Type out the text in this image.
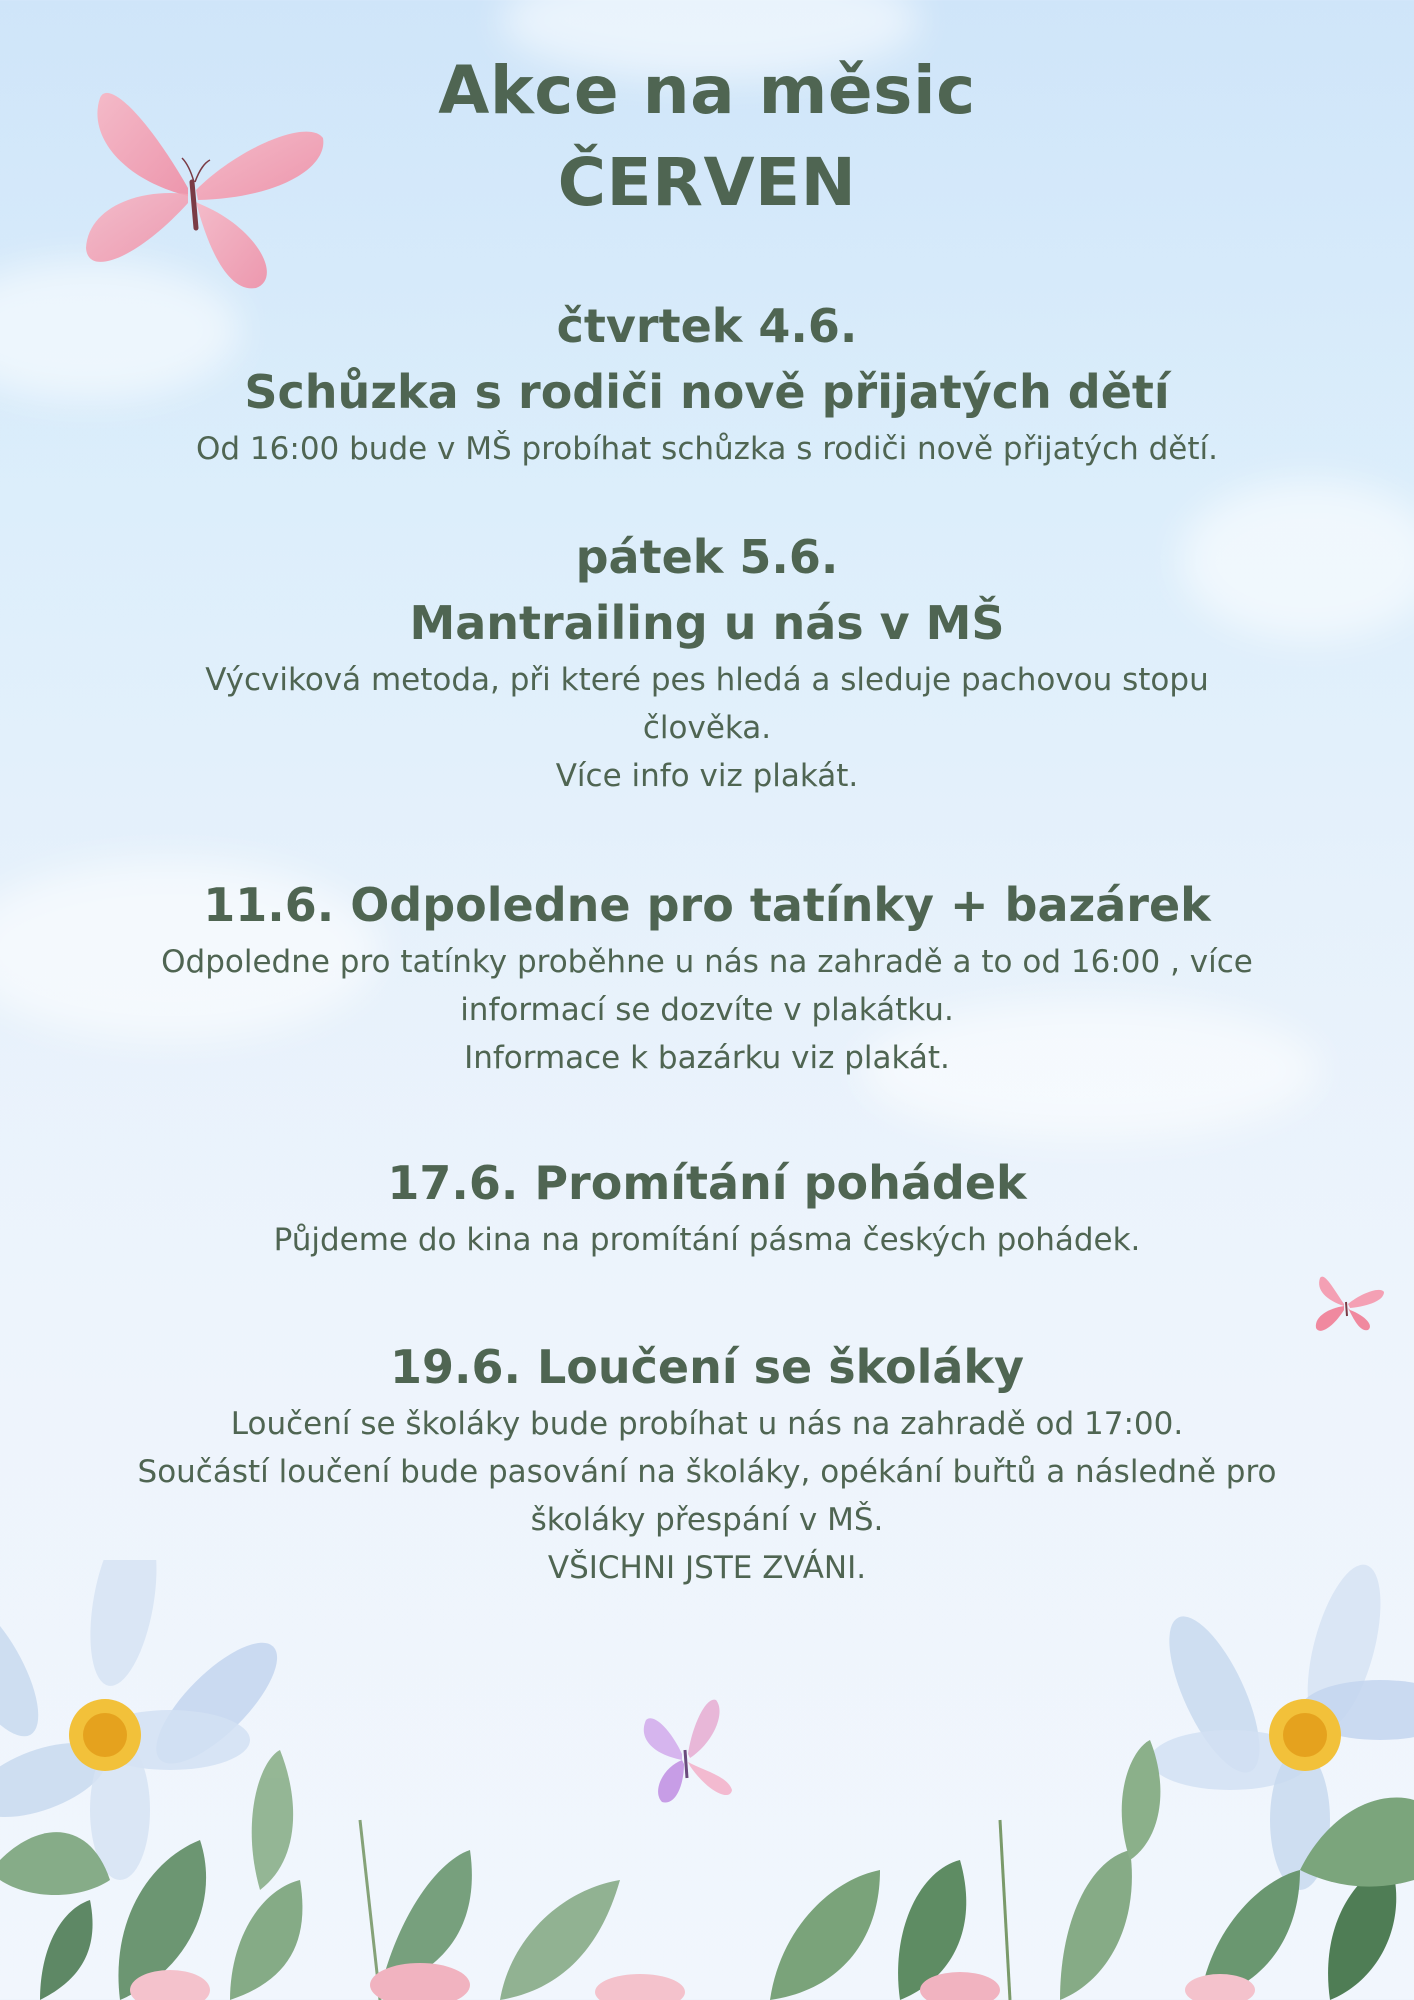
Akce na měsic
ČERVEN
čtvrtek 4.6.
Schůzka s rodiči nově přijatých dětí
Od 16:00 bude v MŠ probíhat schůzka s rodiči nově přijatých dětí.
pátek 5.6.
Mantrailing u nás v MŠ
Výcviková metoda, při které pes hledá a sleduje pachovou stopu
člověka.
Více info viz plakát.
11.6. Odpoledne pro tatínky + bazárek
Odpoledne pro tatínky proběhne u nás na zahradě a to od 16:00 , více
informací se dozvíte v plakátku.
Informace k bazárku viz plakát.
17.6. Promítání pohádek
Půjdeme do kina na promítání pásma českých pohádek.
19.6. Loučení se školáky
Loučení se školáky bude probíhat u nás na zahradě od 17:00.
Součástí loučení bude pasování na školáky, opékání buřtů a následně pro
školáky přespání v MŠ.
VŠICHNI JSTE ZVÁNI.
